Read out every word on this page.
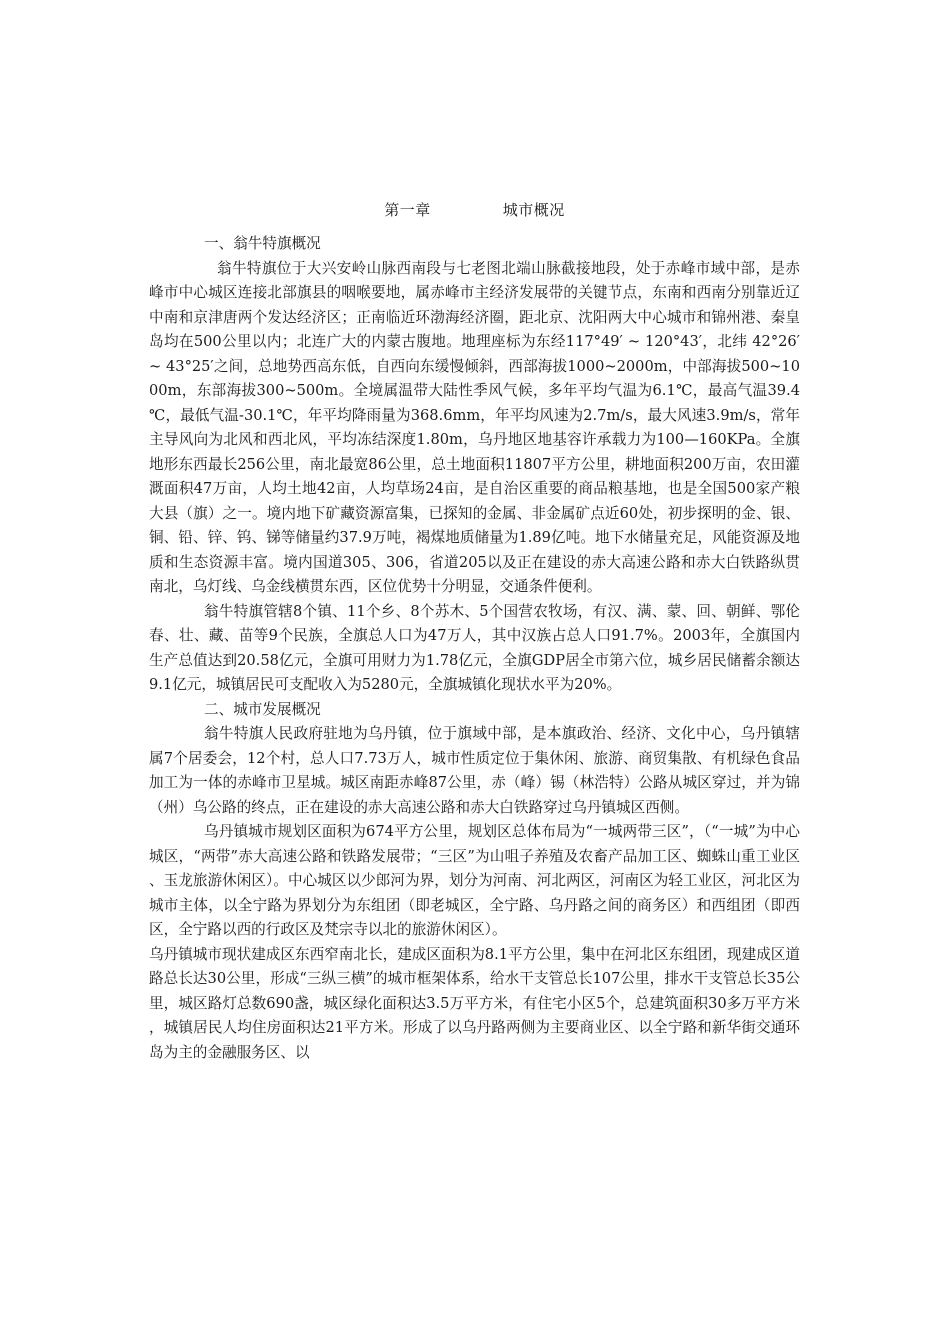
第一章	城市概况
一、翁牛特旗概况

翁牛特旗位于大兴安岭山脉西南段与七老图北端山脉截接地段，处于赤峰市域中部，是赤峰市中心城区连接北部旗县的咽喉要地，属赤峰市主经济发展带的关键节点，东南和西南分别靠近辽中南和京津唐两个发达经济区；正南临近环渤海经济圈，距北京、沈阳两大中心城市和锦州港、秦皇岛均在500公里以内；北连广大的内蒙古腹地。地理座标为东经117°49′ ~ 120°43′，北纬 42°26′~ 43°25′之间，总地势西高东低，自西向东缓慢倾斜，西部海拔1000~2000m，中部海拔500~1000m，东部海拔300~500m。全境属温带大陆性季风气候，多年平均气温为6.1℃，最高气温39.4℃，最低气温-30.1℃，年平均降雨量为368.6mm，年平均风速为2.7m/s，最大风速3.9m/s，常年主导风向为北风和西北风，平均冻结深度1.80m，乌丹地区地基容许承载力为100—160KPa。全旗地形东西最长256公里，南北最宽86公里，总土地面积11807平方公里，耕地面积200万亩，农田灌溉面积47万亩，人均土地42亩，人均草场24亩，是自治区重要的商品粮基地，也是全国500家产粮大县（旗）之一。境内地下矿藏资源富集，已探知的金属、非金属矿点近60处，初步探明的金、银、铜、铅、锌、钨、锑等储量约37.9万吨，褐煤地质储量为1.89亿吨。地下水储量充足，风能资源及地质和生态资源丰富。境内国道305、306，省道205以及正在建设的赤大高速公路和赤大白铁路纵贯南北，乌灯线、乌金线横贯东西，区位优势十分明显，交通条件便利。

翁牛特旗管辖8个镇、11个乡、8个苏木、5个国营农牧场，有汉、满、蒙、回、朝鲜、鄂伦春、壮、藏、苗等9个民族，全旗总人口为47万人，其中汉族占总人口91.7%。2003年，全旗国内生产总值达到20.58亿元，全旗可用财力为1.78亿元，全旗GDP居全市第六位，城乡居民储蓄余额达9.1亿元，城镇居民可支配收入为5280元，全旗城镇化现状水平为20%。

二、城市发展概况

翁牛特旗人民政府驻地为乌丹镇，位于旗域中部，是本旗政治、经济、文化中心，乌丹镇辖属7个居委会，12个村，总人口7.73万人，城市性质定位于集休闲、旅游、商贸集散、有机绿色食品加工为一体的赤峰市卫星城。城区南距赤峰87公里，赤（峰）锡（林浩特）公路从城区穿过，并为锦（州）乌公路的终点，正在建设的赤大高速公路和赤大白铁路穿过乌丹镇城区西侧。

乌丹镇城市规划区面积为674平方公里，规划区总体布局为“一城两带三区”，（“一城”为中心城区，“两带”赤大高速公路和铁路发展带；“三区”为山咀子养殖及农畜产品加工区、蜘蛛山重工业区、玉龙旅游休闲区）。中心城区以少郎河为界，划分为河南、河北两区，河南区为轻工业区，河北区为城市主体，以全宁路为界划分为东组团（即老城区，全宁路、乌丹路之间的商务区）和西组团（即西区，全宁路以西的行政区及梵宗寺以北的旅游休闲区）。

乌丹镇城市现状建成区东西窄南北长，建成区面积为8.1平方公里，集中在河北区东组团，现建成区道路总长达30公里，形成“三纵三横”的城市框架体系，给水干支管总长107公里，排水干支管总长35公里，城区路灯总数690盏，城区绿化面积达3.5万平方米，有住宅小区5个，总建筑面积30多万平方米，城镇居民人均住房面积达21平方米。形成了以乌丹路两侧为主要商业区、以全宁路和新华街交通环岛为主的金融服务区、以
